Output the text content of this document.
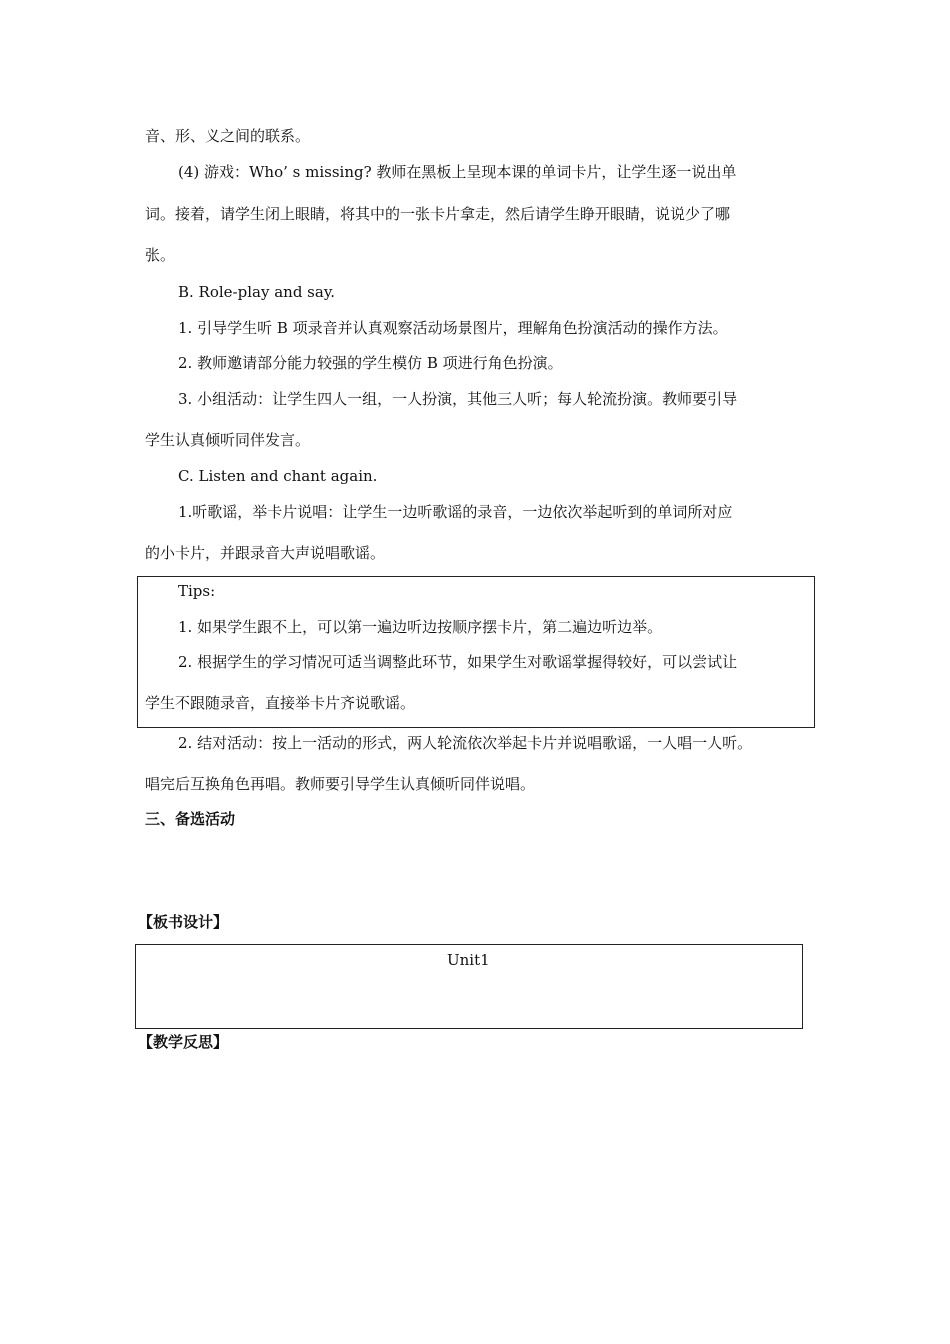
音、形、义之间的联系。
(4) 游戏：Who’ s missing? 教师在黑板上呈现本课的单词卡片，让学生逐一说出单
词。接着，请学生闭上眼睛，将其中的一张卡片拿走，然后请学生睁开眼睛，说说少了哪
张。
B. Role-play and say.
1. 引导学生听 B 项录音并认真观察活动场景图片，理解角色扮演活动的操作方法。
2. 教师邀请部分能力较强的学生模仿 B 项进行角色扮演。
3. 小组活动：让学生四人一组，一人扮演，其他三人听；每人轮流扮演。教师要引导
学生认真倾听同伴发言。
C. Listen and chant again.
1.听歌谣，举卡片说唱：让学生一边听歌谣的录音，一边依次举起听到的单词所对应
的小卡片，并跟录音大声说唱歌谣。
Tips:
1. 如果学生跟不上，可以第一遍边听边按顺序摆卡片，第二遍边听边举。
2. 根据学生的学习情况可适当调整此环节，如果学生对歌谣掌握得较好，可以尝试让
学生不跟随录音，直接举卡片齐说歌谣。
2. 结对活动：按上一活动的形式，两人轮流依次举起卡片并说唱歌谣，一人唱一人听。
唱完后互换角色再唱。教师要引导学生认真倾听同伴说唱。
三、备选活动
【板书设计】
Unit1
【教学反思】
